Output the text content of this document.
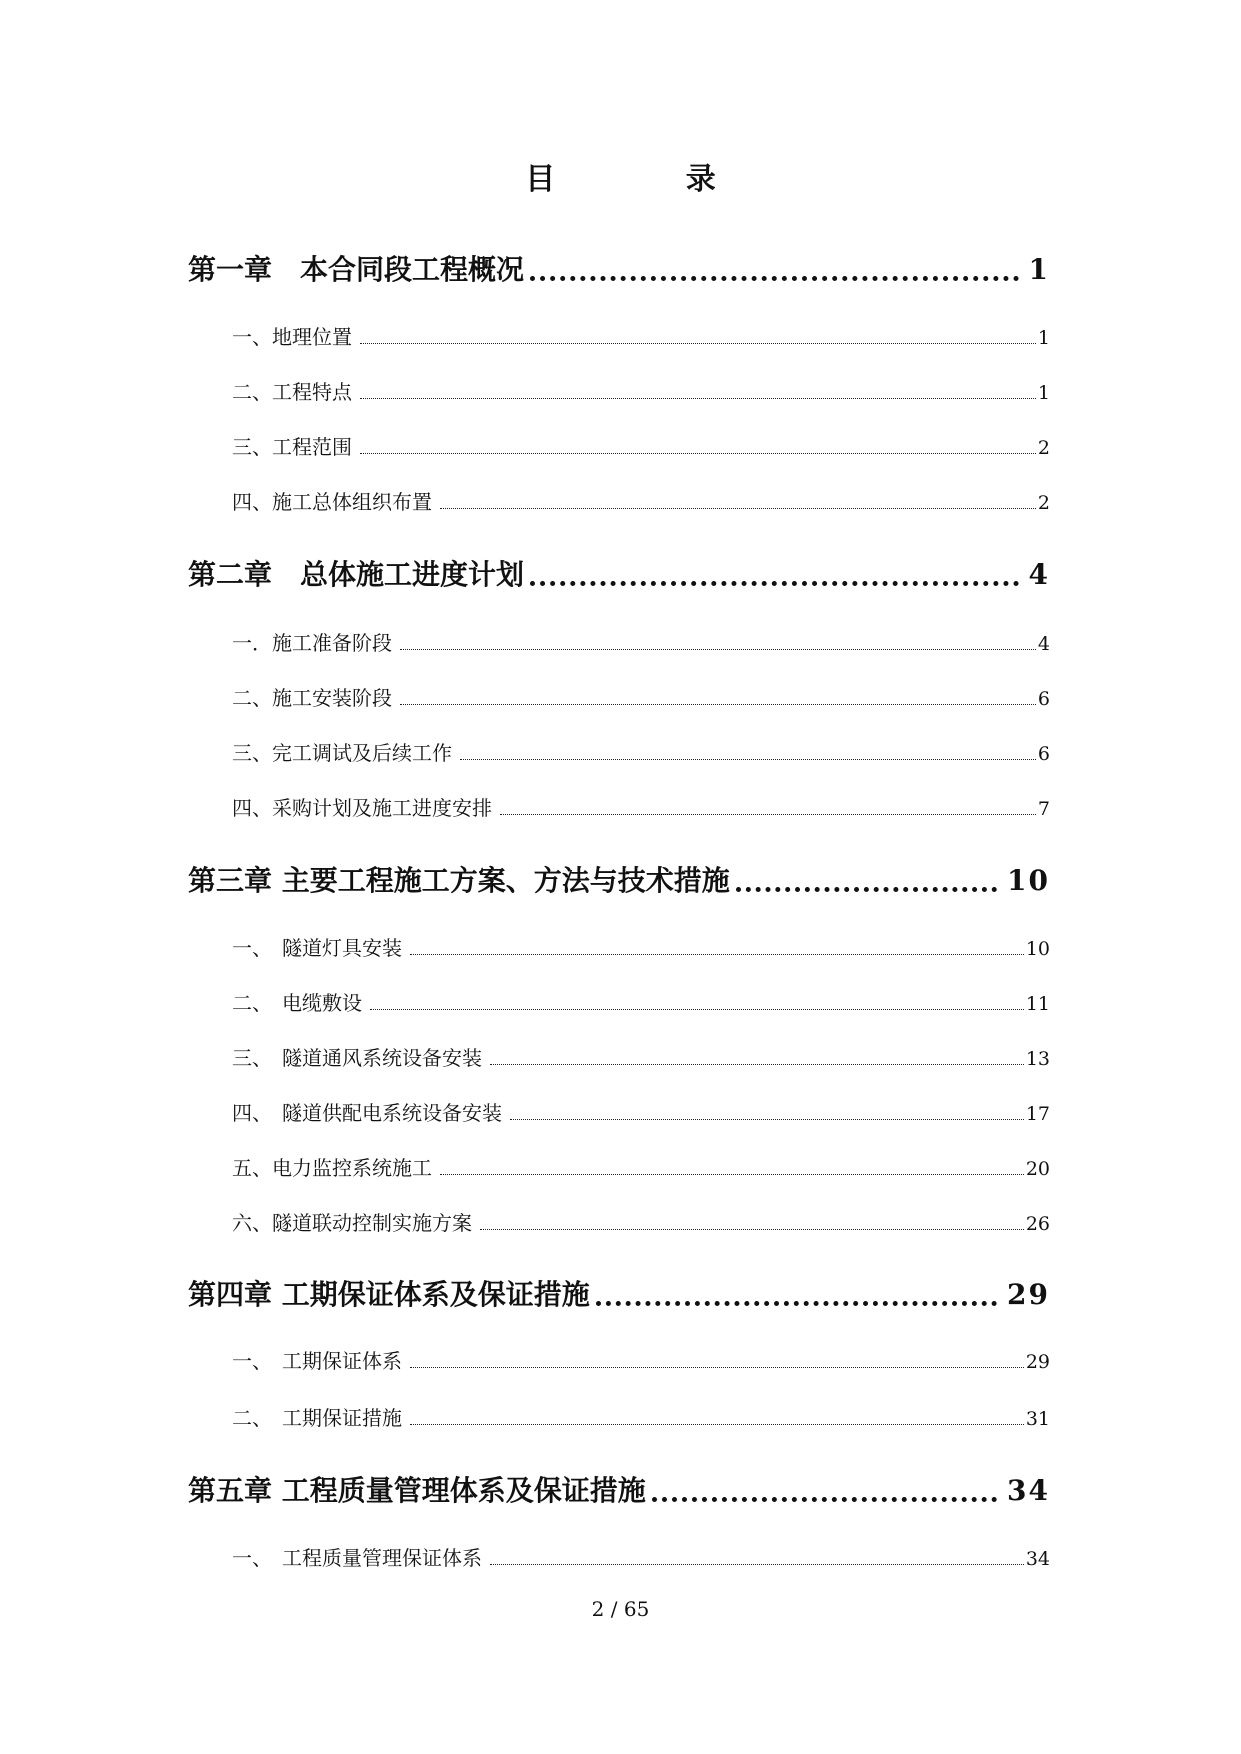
目 录
第一章　本合同段工程概况	1
一、地理位置	1
二、工程特点	1
三、工程范围	2
四、施工总体组织布置	2
第二章　总体施工进度计划	4
一．施工准备阶段	4
二、施工安装阶段	6
三、完工调试及后续工作	6
四、采购计划及施工进度安排	7
第三章 主要工程施工方案、方法与技术措施	10
一、　隧道灯具安装	10
二、　电缆敷设	11
三、　隧道通风系统设备安装	13
四、　隧道供配电系统设备安装	17
五、电力监控系统施工	20
六、隧道联动控制实施方案	26
第四章 工期保证体系及保证措施	29
一、　工期保证体系	29
二、　工期保证措施	31
第五章 工程质量管理体系及保证措施	34
一、　工程质量管理保证体系	34
2 / 65
